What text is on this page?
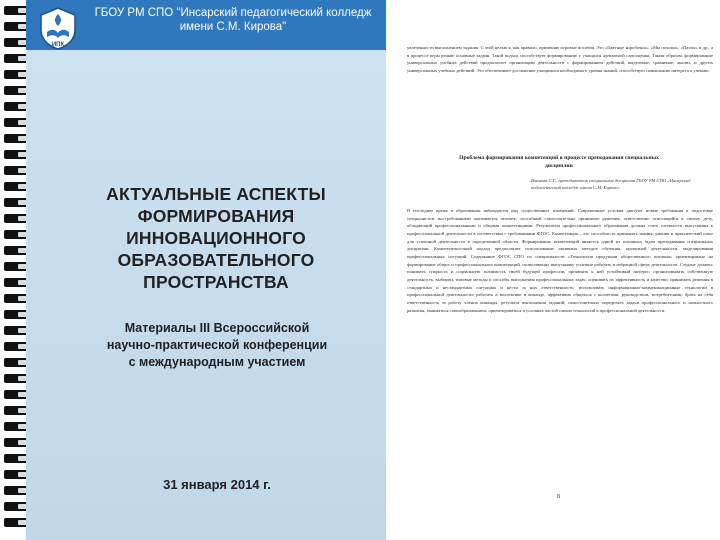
ИПК
ГБОУ РМ СПО "Инсарский педагогический колледж
имени С.М. Кирова"
АКТУАЛЬНЫЕ АСПЕКТЫ
ФОРМИРОВАНИЯ
ИННОВАЦИОННОГО
ОБРАЗОВАТЕЛЬНОГО
ПРОСТРАНСТВА
Материалы III Всероссийской
научно-практической конференции
с международным участием
31 января 2014 г.
увлеченности выполнением задания. С этой целью я, как правило, применяю игровые пособия. Это «Цветные коробочки», «Мы похожи», «Пазлы» и др., а в процессе игры решаю основные задачи. Такой подход способствует формированию у учащихся адекватной самооценки. Таким образом, формирование универсальных учебных действий предполагает организацию деятельности с формированием действий, выделение, сравнение, анализ, и других универсальных учебных действий. Это обеспечивает достижение учащимися необходимого уровня знаний, способствует повышению интереса к учению.
Проблема формирования компетенций в процессе преподавания специальных
дисциплин
Иванова С.Г., преподаватель специальных дисциплин ГБОУ РМ СПО «Инсарский педагогический колледж имени С.М. Кирова»
В последнее время в образовании наблюдается ряд существенных изменений. Современные условия диктуют новые требования к подготовке специалистов: востребованным оказывается человек, способный самостоятельно принимать решения, ответственно относящийся к своему делу, обладающий профессиональными и общими компетенциями. Результатом профессионального образования должна стать готовность выпускника к профессиональной деятельности в соответствии с требованиями ФГОС. Компетенция – это способность применять знания, умения и практический опыт для успешной деятельности в определенной области. Формирование компетенций является одной из основных задач преподавания специальных дисциплин. Компетентностный подход предполагает использование активных методов обучения, проектной деятельности, моделирования профессиональных ситуаций. Содержание ФГОС СПО по специальности «Технология продукции общественного питания» ориентировано на формирование общих и профессиональных компетенций, позволяющих выпускнику успешно работать в избранной сфере деятельности. Студент должен: понимать сущность и социальную значимость своей будущей профессии, проявлять к ней устойчивый интерес; организовывать собственную деятельность, выбирать типовые методы и способы выполнения профессиональных задач, оценивать их эффективность и качество; принимать решения в стандартных и нестандартных ситуациях и нести за них ответственность; использовать информационно-коммуникационные технологии в профессиональной деятельности; работать в коллективе и команде, эффективно общаться с коллегами, руководством, потребителями; брать на себя ответственность за работу членов команды, результат выполнения заданий; самостоятельно определять задачи профессионального и личностного развития, заниматься самообразованием; ориентироваться в условиях частой смены технологий в профессиональной деятельности.
8
